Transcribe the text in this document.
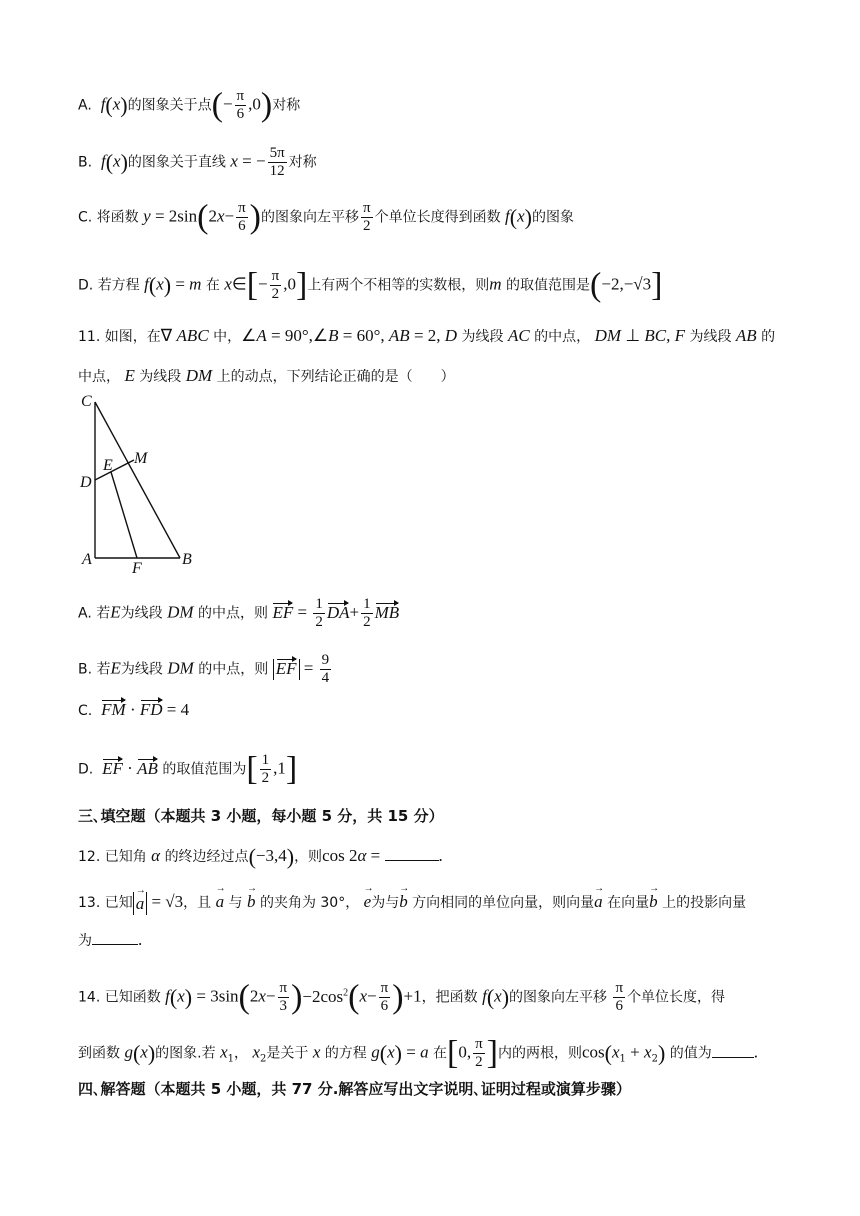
A. f(x)的图象关于点(− $\frac{\pi}{6} ,0$)对称
B. f(x)的图象关于直线 x = − $\frac{5\pi}{12}$ 对称
C. 将函数 $y = 2\sin(2x- \frac{\pi}{6}$ )的图象向左平移 $\frac{\pi}{2}$ 个单位长度得到函数 f(x)的图象
D. 若方程 f(x) = m 在 x∈[− $\frac{\pi}{2} ,0$]上有两个不相等的实数根，则m 的取值范围是(−2,−√3]
11. 如图，在∇ ABC 中，∠A = 90°,∠B = 60°, AB = 2, D 为线段 AC 的中点， DM ⊥ BC, F 为线段 AB 的
中点， E 为线段 DM 上的动点，下列结论正确的是（　　）
C
E M
D
A
F
B
A. 若E为线段 DM 的中点，则 EF = $\frac{1}{2} DA+ \frac{1}{2}$ MB
B. 若E为线段 DM 的中点，则 EF = $\frac{9}{4}$
C. FM · FD = 4
D. EF · AB 的取值范围为[ $\frac{1}{2} ,1$]
三､填空题（本题共 3 小题，每小题 5 分，共 15 分）
12. 已知角 α 的终边经过点(−3,4)，则cos 2α =	.
13. 已知 a → = √3，且 a → 与 b → 的夹角为 30°， e →为与b → 方向相同的单位向量，则向量a → 在向量b → 上的投影向量
为	.
14. 已知函数 $f(x) = 3\sin(2x- \frac{\pi}{3} )-2\cos^2(x- \frac{\pi}{6} )+1$，把函数 f(x)的图象向左平移 $\frac{\pi}{6}$ 个单位长度，得
到函数 g(x)的图象.若 $x_1$， $x_2$是关于 x 的方程 g(x) = a 在[0, $\frac{\pi}{2}$ ]内的两根，则$\cos(x_1 + x_2)$ 的值为 .
四､解答题（本题共 5 小题，共 77 分.解答应写出文字说明､证明过程或演算步骤）
